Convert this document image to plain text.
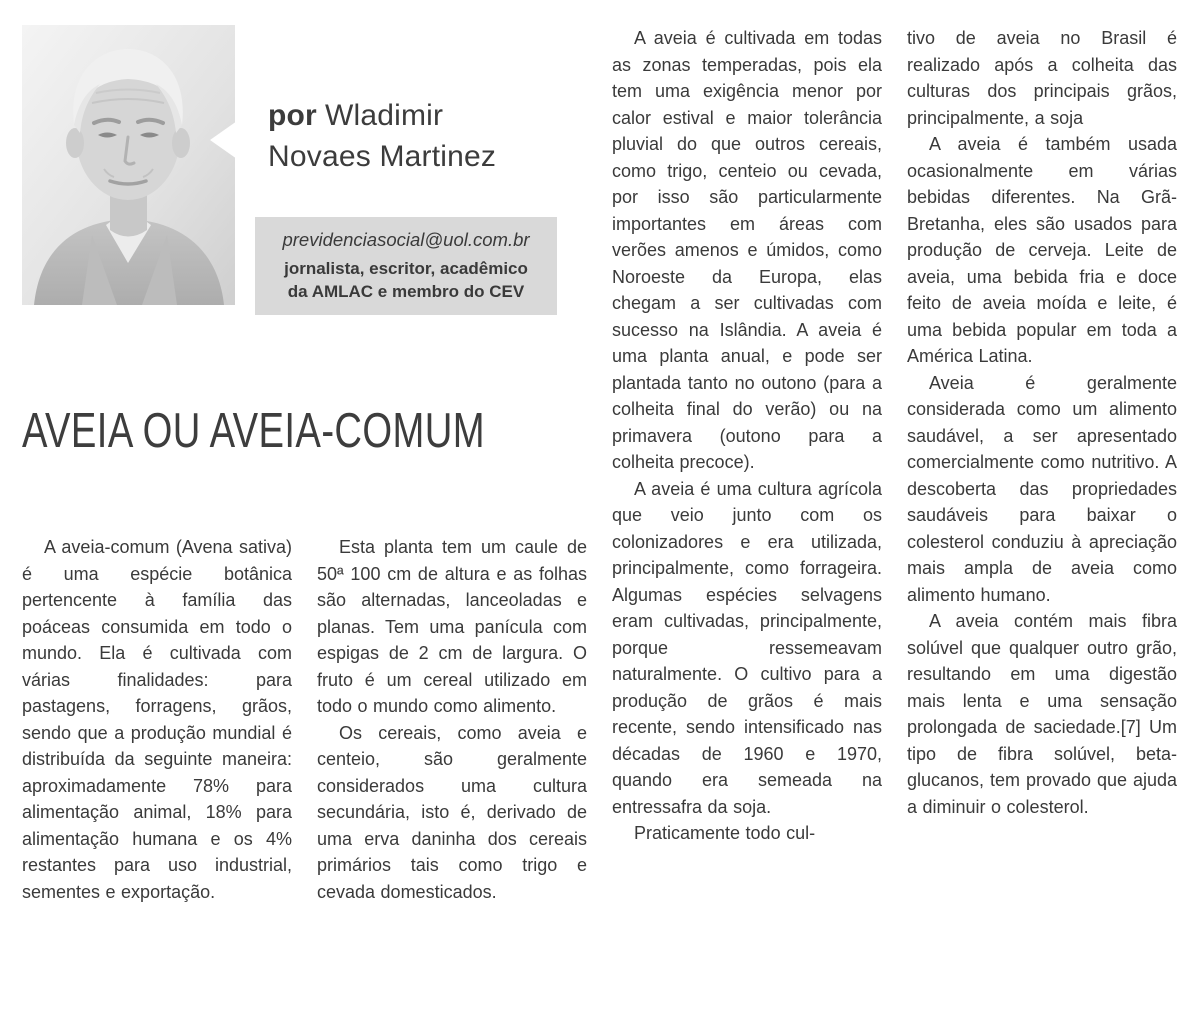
por Wladimir
Novaes Martinez
previdenciasocial@uol.com.br
jornalista, escritor, acadêmico
da AMLAC e membro do CEV
AVEIA OU AVEIA-COMUM

A aveia-comum (Avena sativa) é uma espécie botânica pertencente à família das poáceas consumida em todo o mundo. Ela é cultivada com várias finalidades: para pastagens, forragens, grãos, sendo que a produção mundial é distribuída da seguinte maneira: aproximadamente 78% para alimentação animal, 18% para alimentação humana e os 4% restantes para uso industrial, sementes e exportação.

Esta planta tem um caule de 50ª 100 cm de altura e as folhas são alternadas, lanceoladas e planas. Tem uma panícula com espigas de 2 cm de largura. O fruto é um cereal utilizado em todo o mundo como alimento.

Os cereais, como aveia e centeio, são geralmente considerados uma cultura secundária, isto é, derivado de uma erva daninha dos cereais primários tais como trigo e cevada domesticados.

A aveia é cultivada em todas as zonas temperadas, pois ela tem uma exigência menor por calor estival e maior tolerância pluvial do que outros cereais, como trigo, centeio ou cevada, por isso são particularmente importantes em áreas com verões amenos e úmidos, como Noroeste da Europa, elas chegam a ser cultivadas com sucesso na Islândia. A aveia é uma planta anual, e pode ser plantada tanto no outono (para a colheita final do verão) ou na primavera (outono para a colheita precoce).

A aveia é uma cultura agrícola que veio junto com os colonizadores e era utilizada, principalmente, como forrageira. Algumas espécies selvagens eram cultivadas, principalmente, porque ressemeavam naturalmente. O cultivo para a produção de grãos é mais recente, sendo intensificado nas décadas de 1960 e 1970, quando era semeada na entressafra da soja.

Praticamente todo cul-

tivo de aveia no Brasil é realizado após a colheita das culturas dos principais grãos, principalmente, a soja

A aveia é também usada ocasionalmente em várias bebidas diferentes. Na Grã-Bretanha, eles são usados para produção de cerveja. Leite de aveia, uma bebida fria e doce feito de aveia moída e leite, é uma bebida popular em toda a América Latina.

Aveia é geralmente considerada como um alimento saudável, a ser apresentado comercialmente como nutritivo. A descoberta das propriedades saudáveis para baixar o colesterol conduziu à apreciação mais ampla de aveia como alimento humano.

A aveia contém mais fibra solúvel que qualquer outro grão, resultando em uma digestão mais lenta e uma sensação prolongada de saciedade.[7] Um tipo de fibra solúvel, beta-glucanos, tem provado que ajuda a diminuir o colesterol.
